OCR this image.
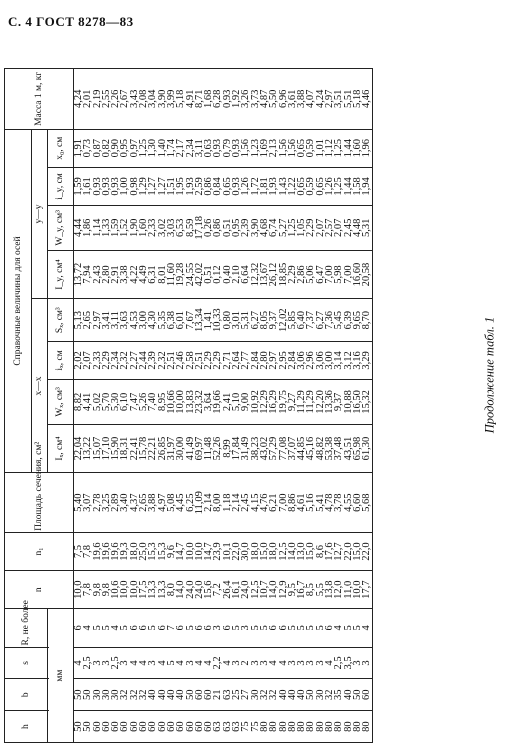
С. 4 ГОСТ 8278—83
Продолжение табл. 1
h	b	s	R, не более	n	n₁	Площадь сечения, см²	Справочные величины для осей								Масса 1 м, кг
							x—x				y—y				
							Iₓ, см⁴	Wₓ, см³	iₓ, см	Sₓ, см³	I_y, см⁴	W_y, см³	i_y, см	x₀, см	
мм															
50	50	4	6	10,0	7,5	5,40	22,04	8,82	2,02	5,13	13,72	4,44	1,59	1,91	4,24
50	50	2,5	4	7,8	7,8	3,07	13,22	4,41	2,07	2,65	7,94	1,86	1,61	0,73	2,01
60	30	3	5	9,8	19,6	2,78	15,07	5,02	2,33	2,97	2,43	1,14	0,93	0,87	2,19
60	30	3	5	9,8	19,6	3,25	17,10	5,70	2,29	3,41	2,80	1,33	0,93	0,82	2,55
60	30	2,5	4	10,6	19,6	2,89	15,90	5,30	2,34	3,11	2,91	1,59	0,93	0,90	2,26
60	32	3	5	10,0	19,3	3,40	18,31	6,10	2,32	3,63	3,38	1,52	1,00	0,95	2,67
60	32	4	6	10,0	18,0	4,37	22,41	7,47	2,27	4,53	4,22	1,90	0,98	0,97	3,43
60	32	4	6	17,5	25,0	2,65	15,78	5,26	2,44	3,00	4,49	1,60	1,29	1,25	2,08
60	40	3	5	13,3	15,3	3,88	22,21	7,40	2,39	4,30	6,31	2,33	1,27	1,30	3,04
60	40	4	6	13,3	15,3	4,97	26,85	8,95	2,32	5,35	8,01	3,02	1,27	1,40	3,90
60	40	5	7	8,0	9,6	5,08	31,97	10,66	2,51	6,38	11,60	3,03	1,51	1,74	3,99
60	40	4	6	14,0	14,7	4,45	30,00	10,00	2,46	6,01	19,28	6,53	1,95	2,17	5,18
60	50	3	5	24,0	10,0	6,25	41,49	13,83	2,58	7,67	24,55	8,59	1,93	2,34	4,91
60	60	4	6	24,0	10,0	11,09	69,97	23,32	2,51	13,34	42,02	17,18	2,59	3,11	8,71
60	60	4	6	15,6	14,7	2,14	11,48	3,64	2,29	1,41	0,51	0,26	0,86	0,63	1,68
63	21	2,2	3	7,2	23,9	8,00	52,26	19,66	2,29	10,33	0,12	0,86	0,84	0,93	6,28
63	63	4	6	26,4	10,1	1,18	8,99	2,41	2,71	0,80	0,40	0,51	0,65	0,79	0,93
63	25	3	5	16,1	22,0	2,14	17,84	5,10	2,64	3,01	2,10	0,95	0,93	0,93	1,92
75	27	2	3	24,0	30,0	2,45	31,49	9,00	2,77	5,31	6,64	2,39	1,26	1,56	3,26
75	30	3	5	12,5	18,0	4,15	38,23	10,92	2,84	6,27	12,32	3,90	1,72	1,23	3,73
80	32	3	5	10,7	15,0	4,76	43,02	12,29	2,80	8,05	13,67	4,68	1,81	1,69	4,87
80	32	4	6	14,0	18,0	6,21	57,29	16,29	2,97	9,37	26,12	6,74	1,93	2,13	5,50
80	40	4	6	12,9	12,5	7,00	77,08	19,75	2,95	12,02	18,85	5,27	1,43	1,56	6,96
80	40	3	5	9,5	14,0	8,86	37,07	9,27	2,84	5,85	2,29	1,25	1,22	1,56	3,61
80	40	3	5	16,7	13,0	4,61	44,85	11,29	3,06	6,40	2,86	1,05	0,65	0,65	3,88
80	50	3	5	8,5	15,0	5,16	45,16	11,29	2,96	7,37	5,06	2,29	0,59	0,59	4,07
80	30	3	5	5,5	8,6	5,41	48,82	12,20	3,06	6,27	6,47	2,07	0,65	1,01	4,24
80	32	4	6	13,8	17,6	4,78	53,38	13,36	3,00	7,36	7,00	2,57	1,26	1,12	2,97
80	35	2,5	4	12,0	12,7	3,78	37,48	9,37	3,14	5,45	5,98	2,07	1,25	1,25	3,51
80	40	3,5	5	11,0	22,0	4,55	43,51	10,88	3,12	6,39	7,00	2,45	1,44	1,44	5,51
80	50	3	5	10,0	15,0	6,60	65,98	16,50	3,16	9,65	16,60	4,48	1,58	1,60	5,18
80	60	3	4	17,7	22,0	5,68	61,30	15,32	3,29	8,70	20,58	5,31	1,94	1,96	4,46
